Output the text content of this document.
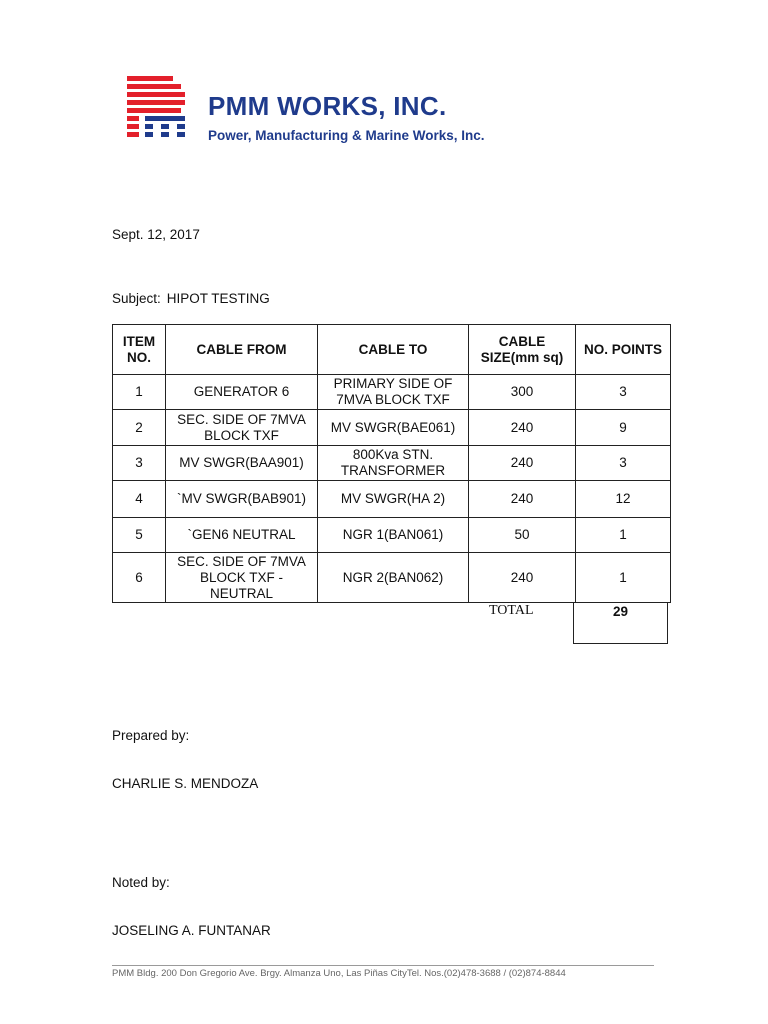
PMM WORKS, INC.
Power, Manufacturing & Marine Works, Inc.
Sept. 12, 2017
Subject: HIPOT TESTING
ITEM NO.	CABLE FROM	CABLE TO	CABLE SIZE(mm sq)	NO. POINTS
1	GENERATOR 6	PRIMARY SIDE OF 7MVA BLOCK TXF	300	3
2	SEC. SIDE OF 7MVA BLOCK TXF	MV SWGR(BAE061)	240	9
3	MV SWGR(BAA901)	800Kva STN. TRANSFORMER	240	3
4	`MV SWGR(BAB901)	MV SWGR(HA 2)	240	12
5	`GEN6 NEUTRAL	NGR 1(BAN061)	50	1
6	SEC. SIDE OF 7MVA BLOCK TXF - NEUTRAL	NGR 2(BAN062)	240	1
TOTAL	29
Prepared by:
CHARLIE S. MENDOZA
Noted by:
JOSELING A. FUNTANAR
PMM Bldg. 200 Don Gregorio Ave. Brgy. Almanza Uno, Las Piñas CityTel. Nos.(02)478-3688 / (02)874-8844
